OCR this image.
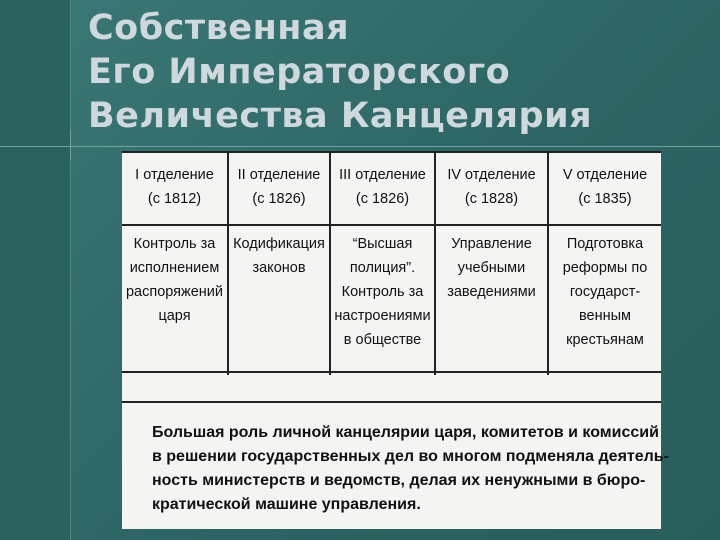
Собственная
Его Императорского
Величества Канцелярия
I отделение
(с 1812)
II отделение
(с 1826)
III отделение
(с 1826)
IV отделение
(с 1828)
V отделение
(с 1835)
Контроль за
исполнением
распоряжений
царя
Кодификация
законов
“Высшая
полиция”.
Контроль за
настроениями
в обществе
Управление
учебными
заведениями
Подготовка
реформы по
государст-
венным
крестьянам
Большая роль личной канцелярии царя, комитетов и комиссий
в решении государственных дел во многом подменяла деятель-
ность министерств и ведомств, делая их ненужными в бюро-
кратической машине управления.
